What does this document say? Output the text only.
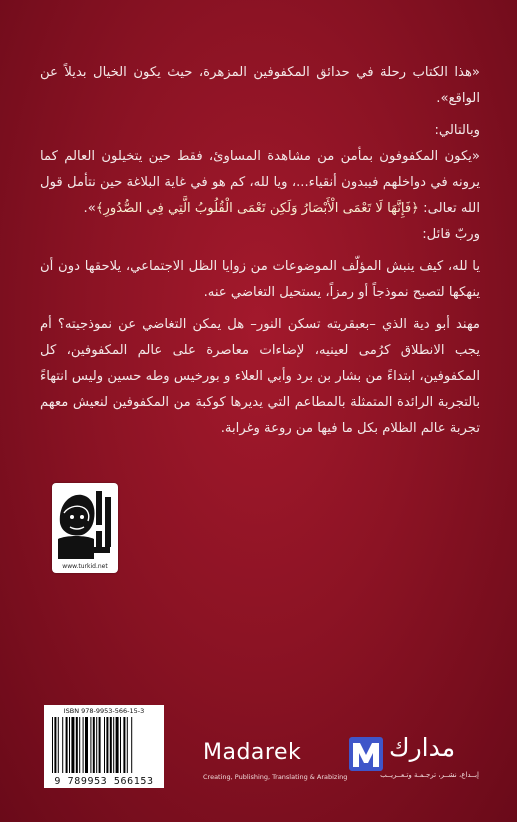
«هذا الكتاب رحلة في حدائق المكفوفين المزهرة، حيث يكون الخيال بديلاً عن الواقع».

وبالتالي:

«يكون المكفوفون بمأمن من مشاهدة المساوئ، فقط حين يتخيلون العالم كما يرونه في دواخلهم فيبدون أنقياء...، ويا لله، كم هو في غاية البلاغة حين نتأمل قول الله تعالى: ﴿فَإِنَّهَا لَا تَعْمَى الْأَبْصَارُ وَلَكِن تَعْمَى الْقُلُوبُ الَّتِي فِي الصُّدُورِ﴾».

وربّ قائل:

يا لله، كيف ينبش المؤلّف الموضوعات من زوايا الظل الاجتماعي، يلاحقها دون أن ينهكها لتصبح نموذجاً أو رمزاً، يستحيل التغاضي عنه.

مهند أبو دية الذي –بعبقريته تسكن النور– هل يمكن التغاضي عن نموذجيته؟ أم يجب الانطلاق كرُمى لعينيه، لإضاءات معاصرة على عالم المكفوفين، كل المكفوفين، ابتداءً من بشار بن برد وأبي العلاء و بورخيس وطه حسين وليس انتهاءً بالتجربة الرائدة المتمثلة بالمطاعم التي يديرها كوكبة من المكفوفين لنعيش معهم تجربة عالم الظلام بكل ما فيها من روعة وغرابة.

www.turkid.net
ISBN 978-9953-566-15-3
9 789953 566153
Madarek	مدارك
Creating, Publishing, Translating & Arabizing	إبــداع، نشــر، ترجـمـة وتـعــريــب
